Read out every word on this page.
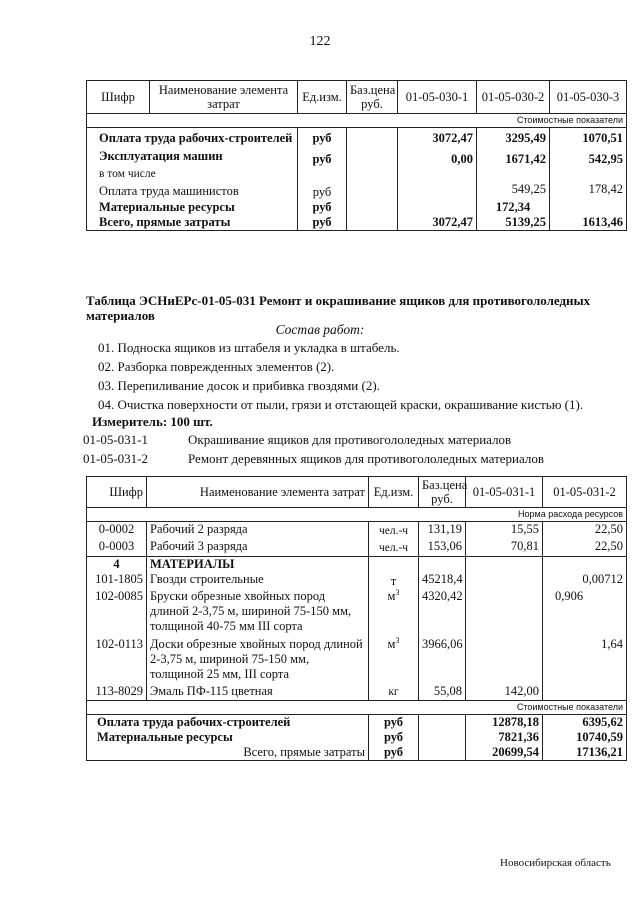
122
Шифр	Наименование элемента затрат	Ед.изм.	Баз.цена руб.	01-05-030-1	01-05-030-2	01-05-030-3
Стоимостные показатели						
Оплата труда рабочих-строителей		руб		3072,47	3295,49	1070,51
Эксплуатация машин		руб		0,00	1671,42	542,95
в том числе						
Оплата труда машинистов		руб			549,25	178,42
Материальные ресурсы		руб			172,34	
Всего, прямые затраты		руб		3072,47	5139,25	1613,46
Таблица ЭСНиЕРс-01-05-031 Ремонт и окрашивание ящиков для противогололедных материалов
Состав работ:
01. Подноска ящиков из штабеля и укладка в штабель.
02. Разборка поврежденных элементов (2).
03. Перепиливание досок и прибивка гвоздями (2).
04. Очистка поверхности от пыли, грязи и отстающей краски, окрашивание кистью (1).
Измеритель: 100 шт.
01-05-031-1	Окрашивание ящиков для противогололедных материалов
01-05-031-2	Ремонт деревянных ящиков для противогололедных материалов
Шифр	Наименование элемента затрат	Ед.изм.	Баз.цена руб.	01-05-031-1	01-05-031-2
Норма расхода ресурсов					
0-0002	Рабочий 2 разряда	чел.-ч	131,19	15,55	22,50
0-0003	Рабочий 3 разряда	чел.-ч	153,06	70,81	22,50
4	МАТЕРИАЛЫ				
101-1805	Гвозди строительные	т	45218,4		0,00712
102-0085	Бруски обрезные хвойных пород длиной 2-3,75 м, шириной 75-150 мм, толщиной 40-75 мм III сорта	$м^3$	4320,42		0,906
102-0113	Доски обрезные хвойных пород длиной 2-3,75 м, шириной 75-150 мм, толщиной 25 мм, III сорта	$м^3$	3966,06		1,64
113-8029	Эмаль ПФ-115 цветная	кг	55,08	142,00	
Стоимостные показатели					
Оплата труда рабочих-строителей		руб		12878,18	6395,62
Материальные ресурсы		руб		7821,36	10740,59
Всего, прямые затраты		руб		20699,54	17136,21
Новосибирская область
